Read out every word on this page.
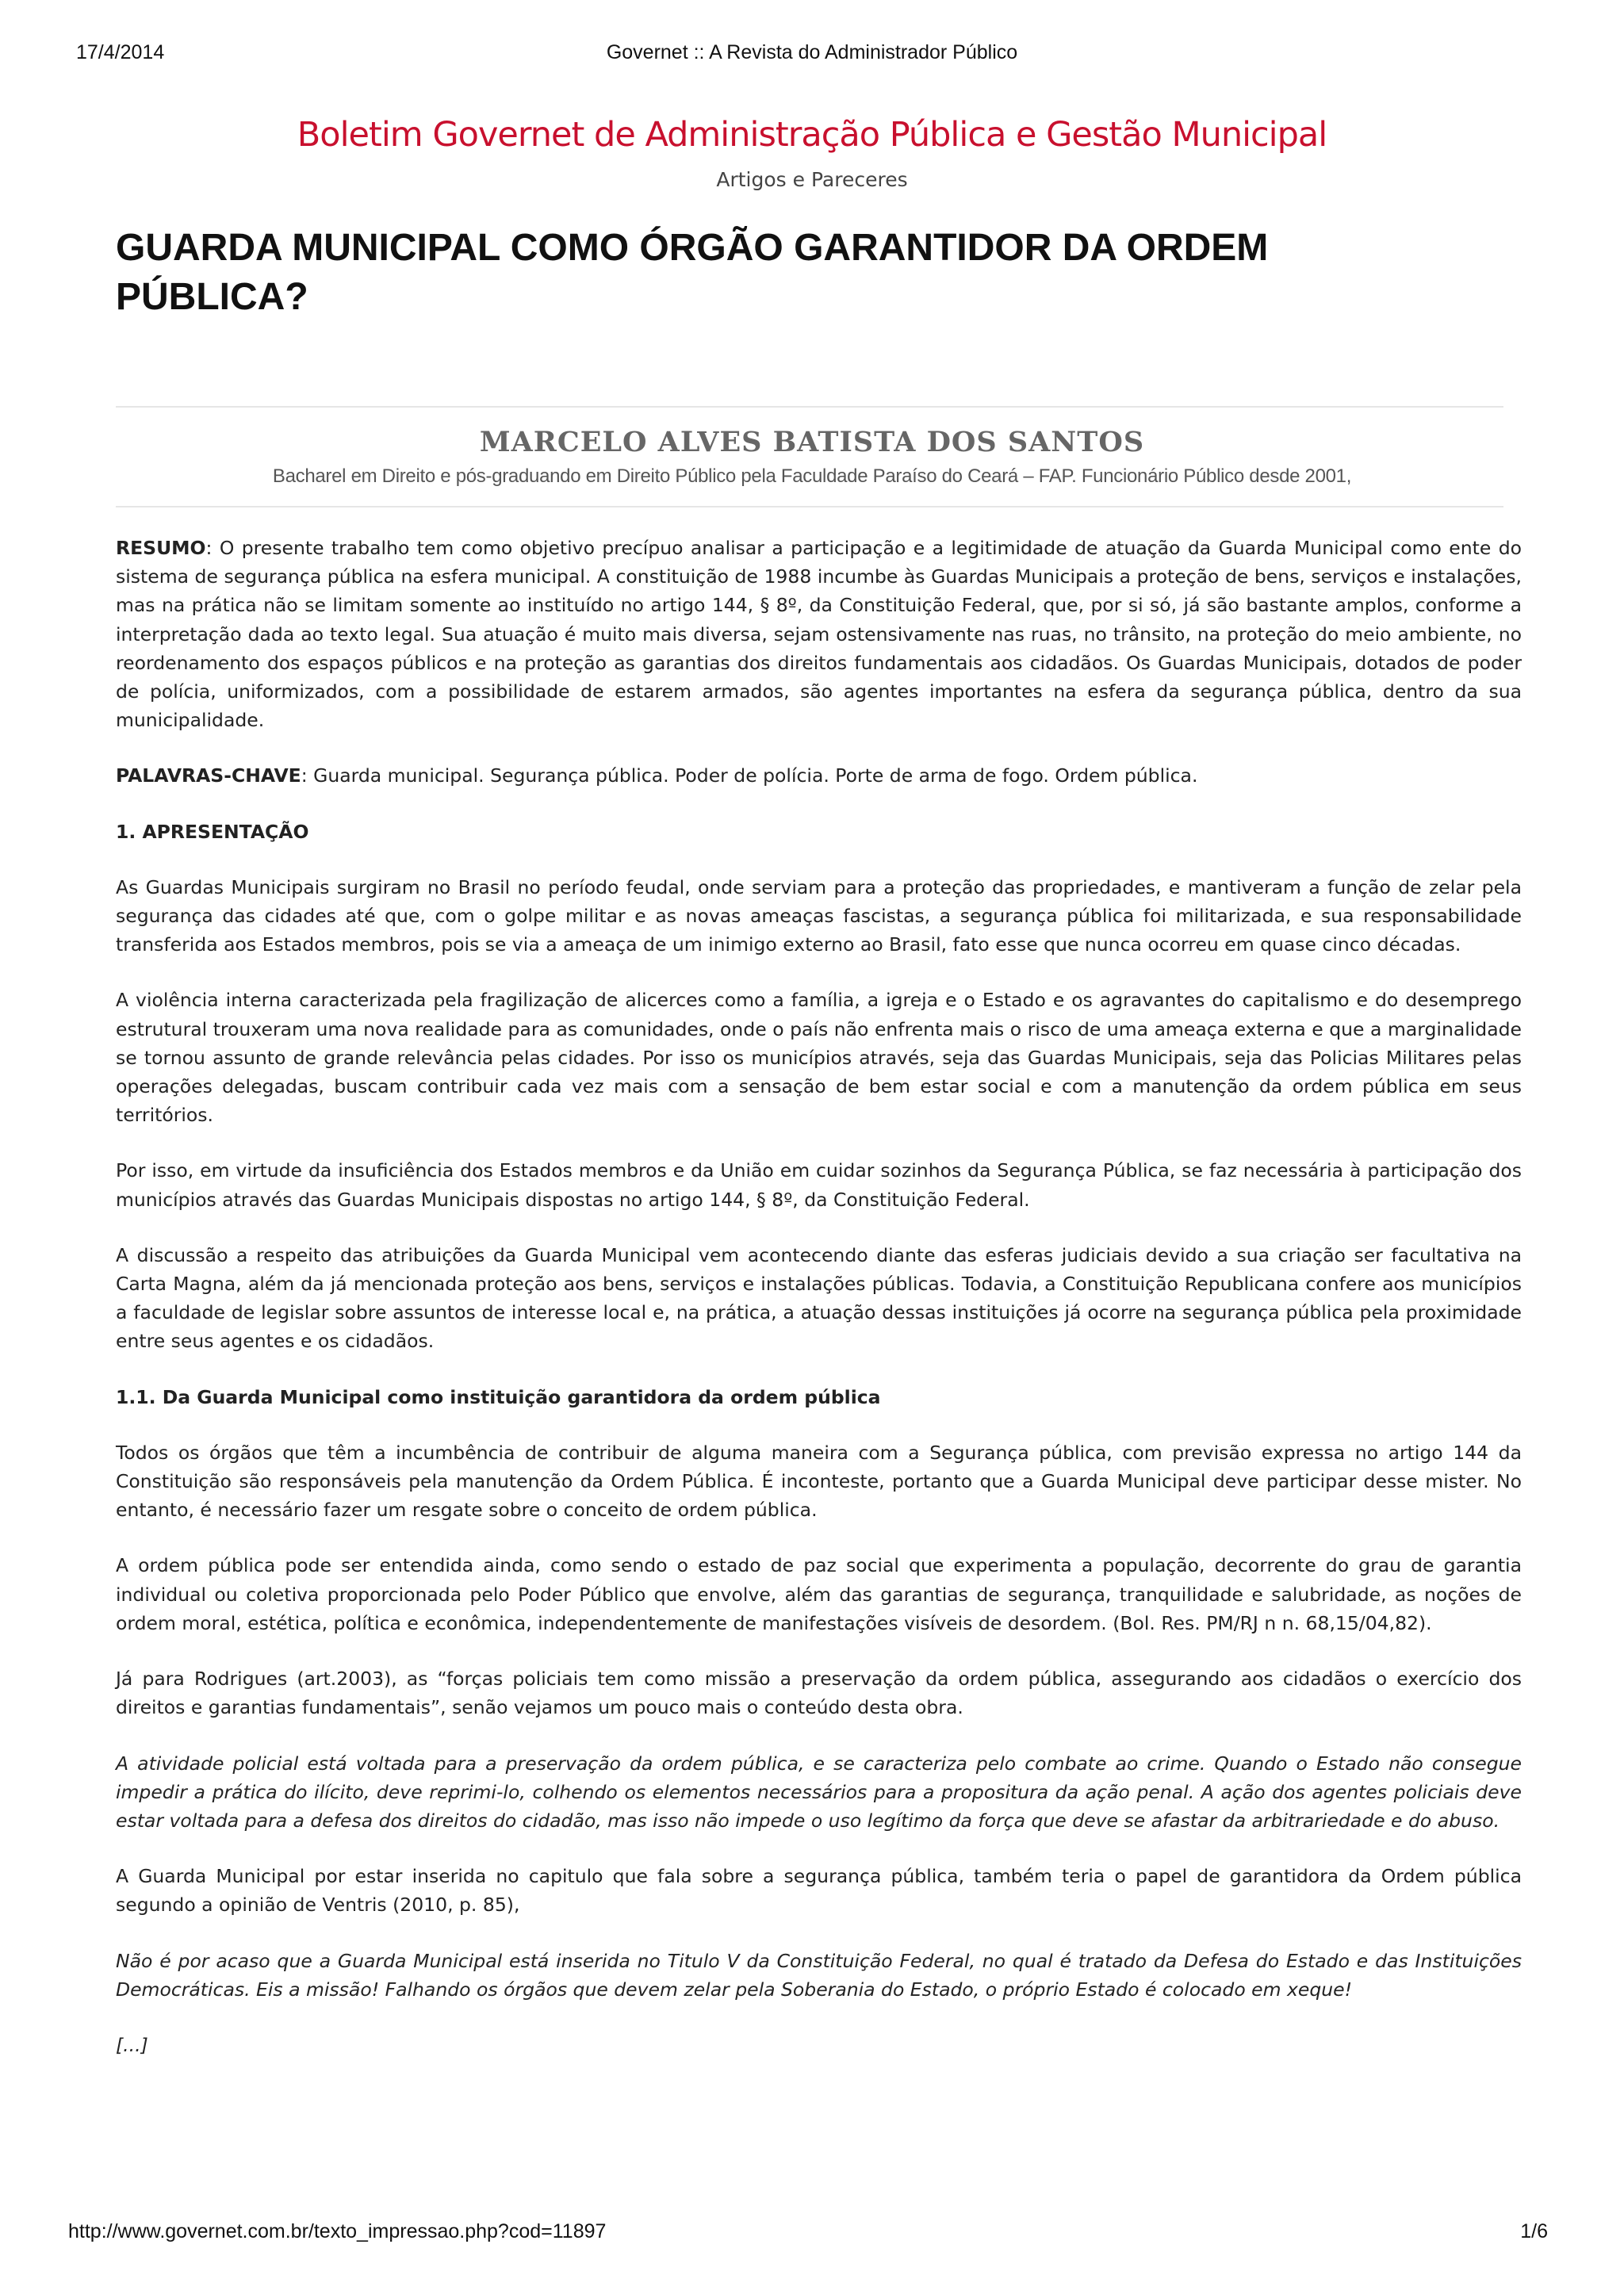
17/4/2014	Governet :: A Revista do Administrador Público
Boletim Governet de Administração Pública e Gestão Municipal
Artigos e Pareceres
GUARDA MUNICIPAL COMO ÓRGÃO GARANTIDOR DA ORDEM PÚBLICA?
MARCELO ALVES BATISTA DOS SANTOS
Bacharel em Direito e pós-graduando em Direito Público pela Faculdade Paraíso do Ceará – FAP. Funcionário Público desde 2001,

RESUMO: O presente trabalho tem como objetivo precípuo analisar a participação e a legitimidade de atuação da Guarda Municipal como ente do sistema de segurança pública na esfera municipal. A constituição de 1988 incumbe às Guardas Municipais a proteção de bens, serviços e instalações, mas na prática não se limitam somente ao instituído no artigo 144, § 8º, da Constituição Federal, que, por si só, já são bastante amplos, conforme a interpretação dada ao texto legal. Sua atuação é muito mais diversa, sejam ostensivamente nas ruas, no trânsito, na proteção do meio ambiente, no reordenamento dos espaços públicos e na proteção as garantias dos direitos fundamentais aos cidadãos. Os Guardas Municipais, dotados de poder de polícia, uniformizados, com a possibilidade de estarem armados, são agentes importantes na esfera da segurança pública, dentro da sua municipalidade.

PALAVRAS-CHAVE: Guarda municipal. Segurança pública. Poder de polícia. Porte de arma de fogo. Ordem pública.

1. APRESENTAÇÃO

As Guardas Municipais surgiram no Brasil no período feudal, onde serviam para a proteção das propriedades, e mantiveram a função de zelar pela segurança das cidades até que, com o golpe militar e as novas ameaças fascistas, a segurança pública foi militarizada, e sua responsabilidade transferida aos Estados membros, pois se via a ameaça de um inimigo externo ao Brasil, fato esse que nunca ocorreu em quase cinco décadas.

A violência interna caracterizada pela fragilização de alicerces como a família, a igreja e o Estado e os agravantes do capitalismo e do desemprego estrutural trouxeram uma nova realidade para as comunidades, onde o país não enfrenta mais o risco de uma ameaça externa e que a marginalidade se tornou assunto de grande relevância pelas cidades. Por isso os municípios através, seja das Guardas Municipais, seja das Policias Militares pelas operações delegadas, buscam contribuir cada vez mais com a sensação de bem estar social e com a manutenção da ordem pública em seus territórios.

Por isso, em virtude da insuficiência dos Estados membros e da União em cuidar sozinhos da Segurança Pública, se faz necessária à participação dos municípios através das Guardas Municipais dispostas no artigo 144, § 8º, da Constituição Federal.

A discussão a respeito das atribuições da Guarda Municipal vem acontecendo diante das esferas judiciais devido a sua criação ser facultativa na Carta Magna, além da já mencionada proteção aos bens, serviços e instalações públicas. Todavia, a Constituição Republicana confere aos municípios a faculdade de legislar sobre assuntos de interesse local e, na prática, a atuação dessas instituições já ocorre na segurança pública pela proximidade entre seus agentes e os cidadãos.

1.1. Da Guarda Municipal como instituição garantidora da ordem pública

Todos os órgãos que têm a incumbência de contribuir de alguma maneira com a Segurança pública, com previsão expressa no artigo 144 da Constituição são responsáveis pela manutenção da Ordem Pública. É inconteste, portanto que a Guarda Municipal deve participar desse mister. No entanto, é necessário fazer um resgate sobre o conceito de ordem pública.

A ordem pública pode ser entendida ainda, como sendo o estado de paz social que experimenta a população, decorrente do grau de garantia individual ou coletiva proporcionada pelo Poder Público que envolve, além das garantias de segurança, tranquilidade e salubridade, as noções de ordem moral, estética, política e econômica, independentemente de manifestações visíveis de desordem. (Bol. Res. PM/RJ n n. 68,15/04,82).

Já para Rodrigues (art.2003), as “forças policiais tem como missão a preservação da ordem pública, assegurando aos cidadãos o exercício dos direitos e garantias fundamentais”, senão vejamos um pouco mais o conteúdo desta obra.

A atividade policial está voltada para a preservação da ordem pública, e se caracteriza pelo combate ao crime. Quando o Estado não consegue impedir a prática do ilícito, deve reprimi-lo, colhendo os elementos necessários para a propositura da ação penal. A ação dos agentes policiais deve estar voltada para a defesa dos direitos do cidadão, mas isso não impede o uso legítimo da força que deve se afastar da arbitrariedade e do abuso.

A Guarda Municipal por estar inserida no capitulo que fala sobre a segurança pública, também teria o papel de garantidora da Ordem pública segundo a opinião de Ventris (2010, p. 85),

Não é por acaso que a Guarda Municipal está inserida no Titulo V da Constituição Federal, no qual é tratado da Defesa do Estado e das Instituições Democráticas. Eis a missão! Falhando os órgãos que devem zelar pela Soberania do Estado, o próprio Estado é colocado em xeque!

[...]

http://www.governet.com.br/texto_impressao.php?cod=11897	1/6
